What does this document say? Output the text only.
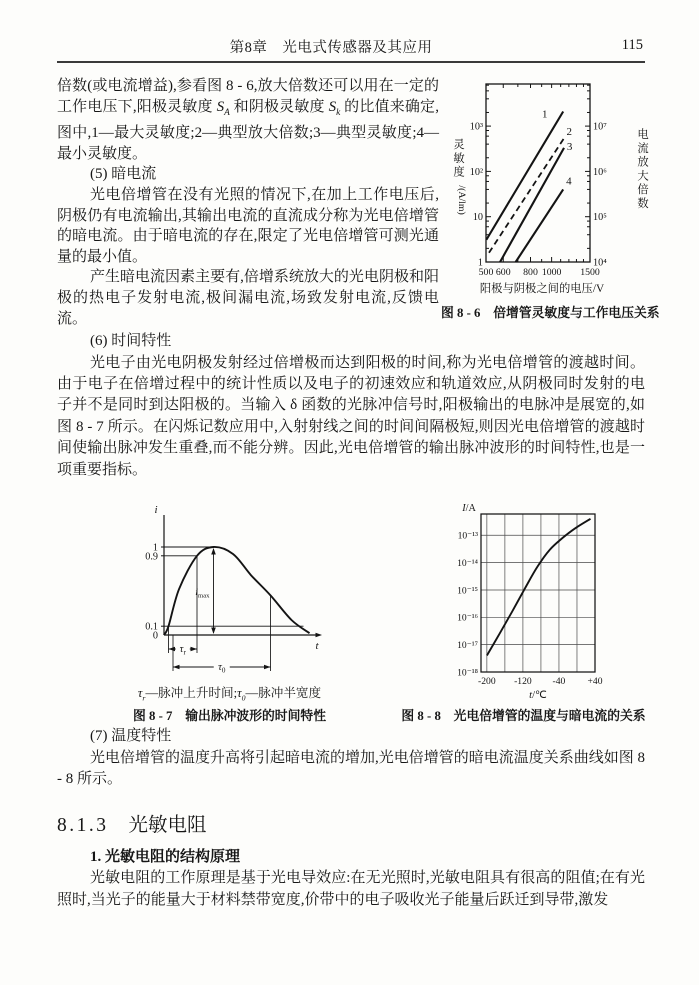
第8章　光电式传感器及其应用	115

倍数(或电流增益),参看图 8 - 6,放大倍数还可以用在一定的工作电压下,阳极灵敏度 $S_A$ 和阴极灵敏度 $S_k$ 的比值来确定,图中,1—最大灵敏度;2—典型放大倍数;3—典型灵敏度;4—最小灵敏度。

(5) 暗电流

光电倍增管在没有光照的情况下,在加上工作电压后,阴极仍有电流输出,其输出电流的直流成分称为光电倍增管的暗电流。由于暗电流的存在,限定了光电倍增管可测光通量的最小值。

产生暗电流因素主要有,倍增系统放大的光电阴极和阳极的热电子发射电流,极间漏电流,场致发射电流,反馈电流。

500 600 800 1000 1500
10³
10²
10
1
10⁷
10⁶
10⁵
10⁴
1
2
3
4
阳极与阴极之间的电压/V
灵
敏
度
/(A/lm)
电
流
放
大
倍
数
图 8 - 6　倍增管灵敏度与工作电压关系

(6) 时间特性

光电子由光电阴极发射经过倍增极而达到阳极的时间,称为光电倍增管的渡越时间。由于电子在倍增过程中的统计性质以及电子的初速效应和轨道效应,从阴极同时发射的电子并不是同时到达阳极的。当输入 δ 函数的光脉冲信号时,阳极输出的电脉冲是展宽的,如图 8 - 7 所示。在闪烁记数应用中,入射射线之间的时间间隔极短,则因光电倍增管的渡越时间使输出脉冲发生重叠,而不能分辨。因此,光电倍增管的输出脉冲波形的时间特性,也是一项重要指标。

i
t
1
0.9
0.1
0
$\tau_r$
$\tau_0$
$i_{max}$
$\tau_r—$脉冲上升时间$;\tau_0—$脉冲半宽度
图 8 - 7　输出脉冲波形的时间特性
10⁻¹³
10⁻¹⁴
10⁻¹⁵
10⁻¹⁶
10⁻¹⁷
10⁻¹⁸
-200 -120 -40 +40
t/℃
I/A
图 8 - 8　光电倍增管的温度与暗电流的关系

(7) 温度特性

光电倍增管的温度升高将引起暗电流的增加,光电倍增管的暗电流温度关系曲线如图 8 - 8 所示。

8.1.3 光敏电阻

1. 光敏电阻的结构原理

光敏电阻的工作原理是基于光电导效应:在无光照时,光敏电阻具有很高的阻值;在有光照时,当光子的能量大于材料禁带宽度,价带中的电子吸收光子能量后跃迁到导带,激发
